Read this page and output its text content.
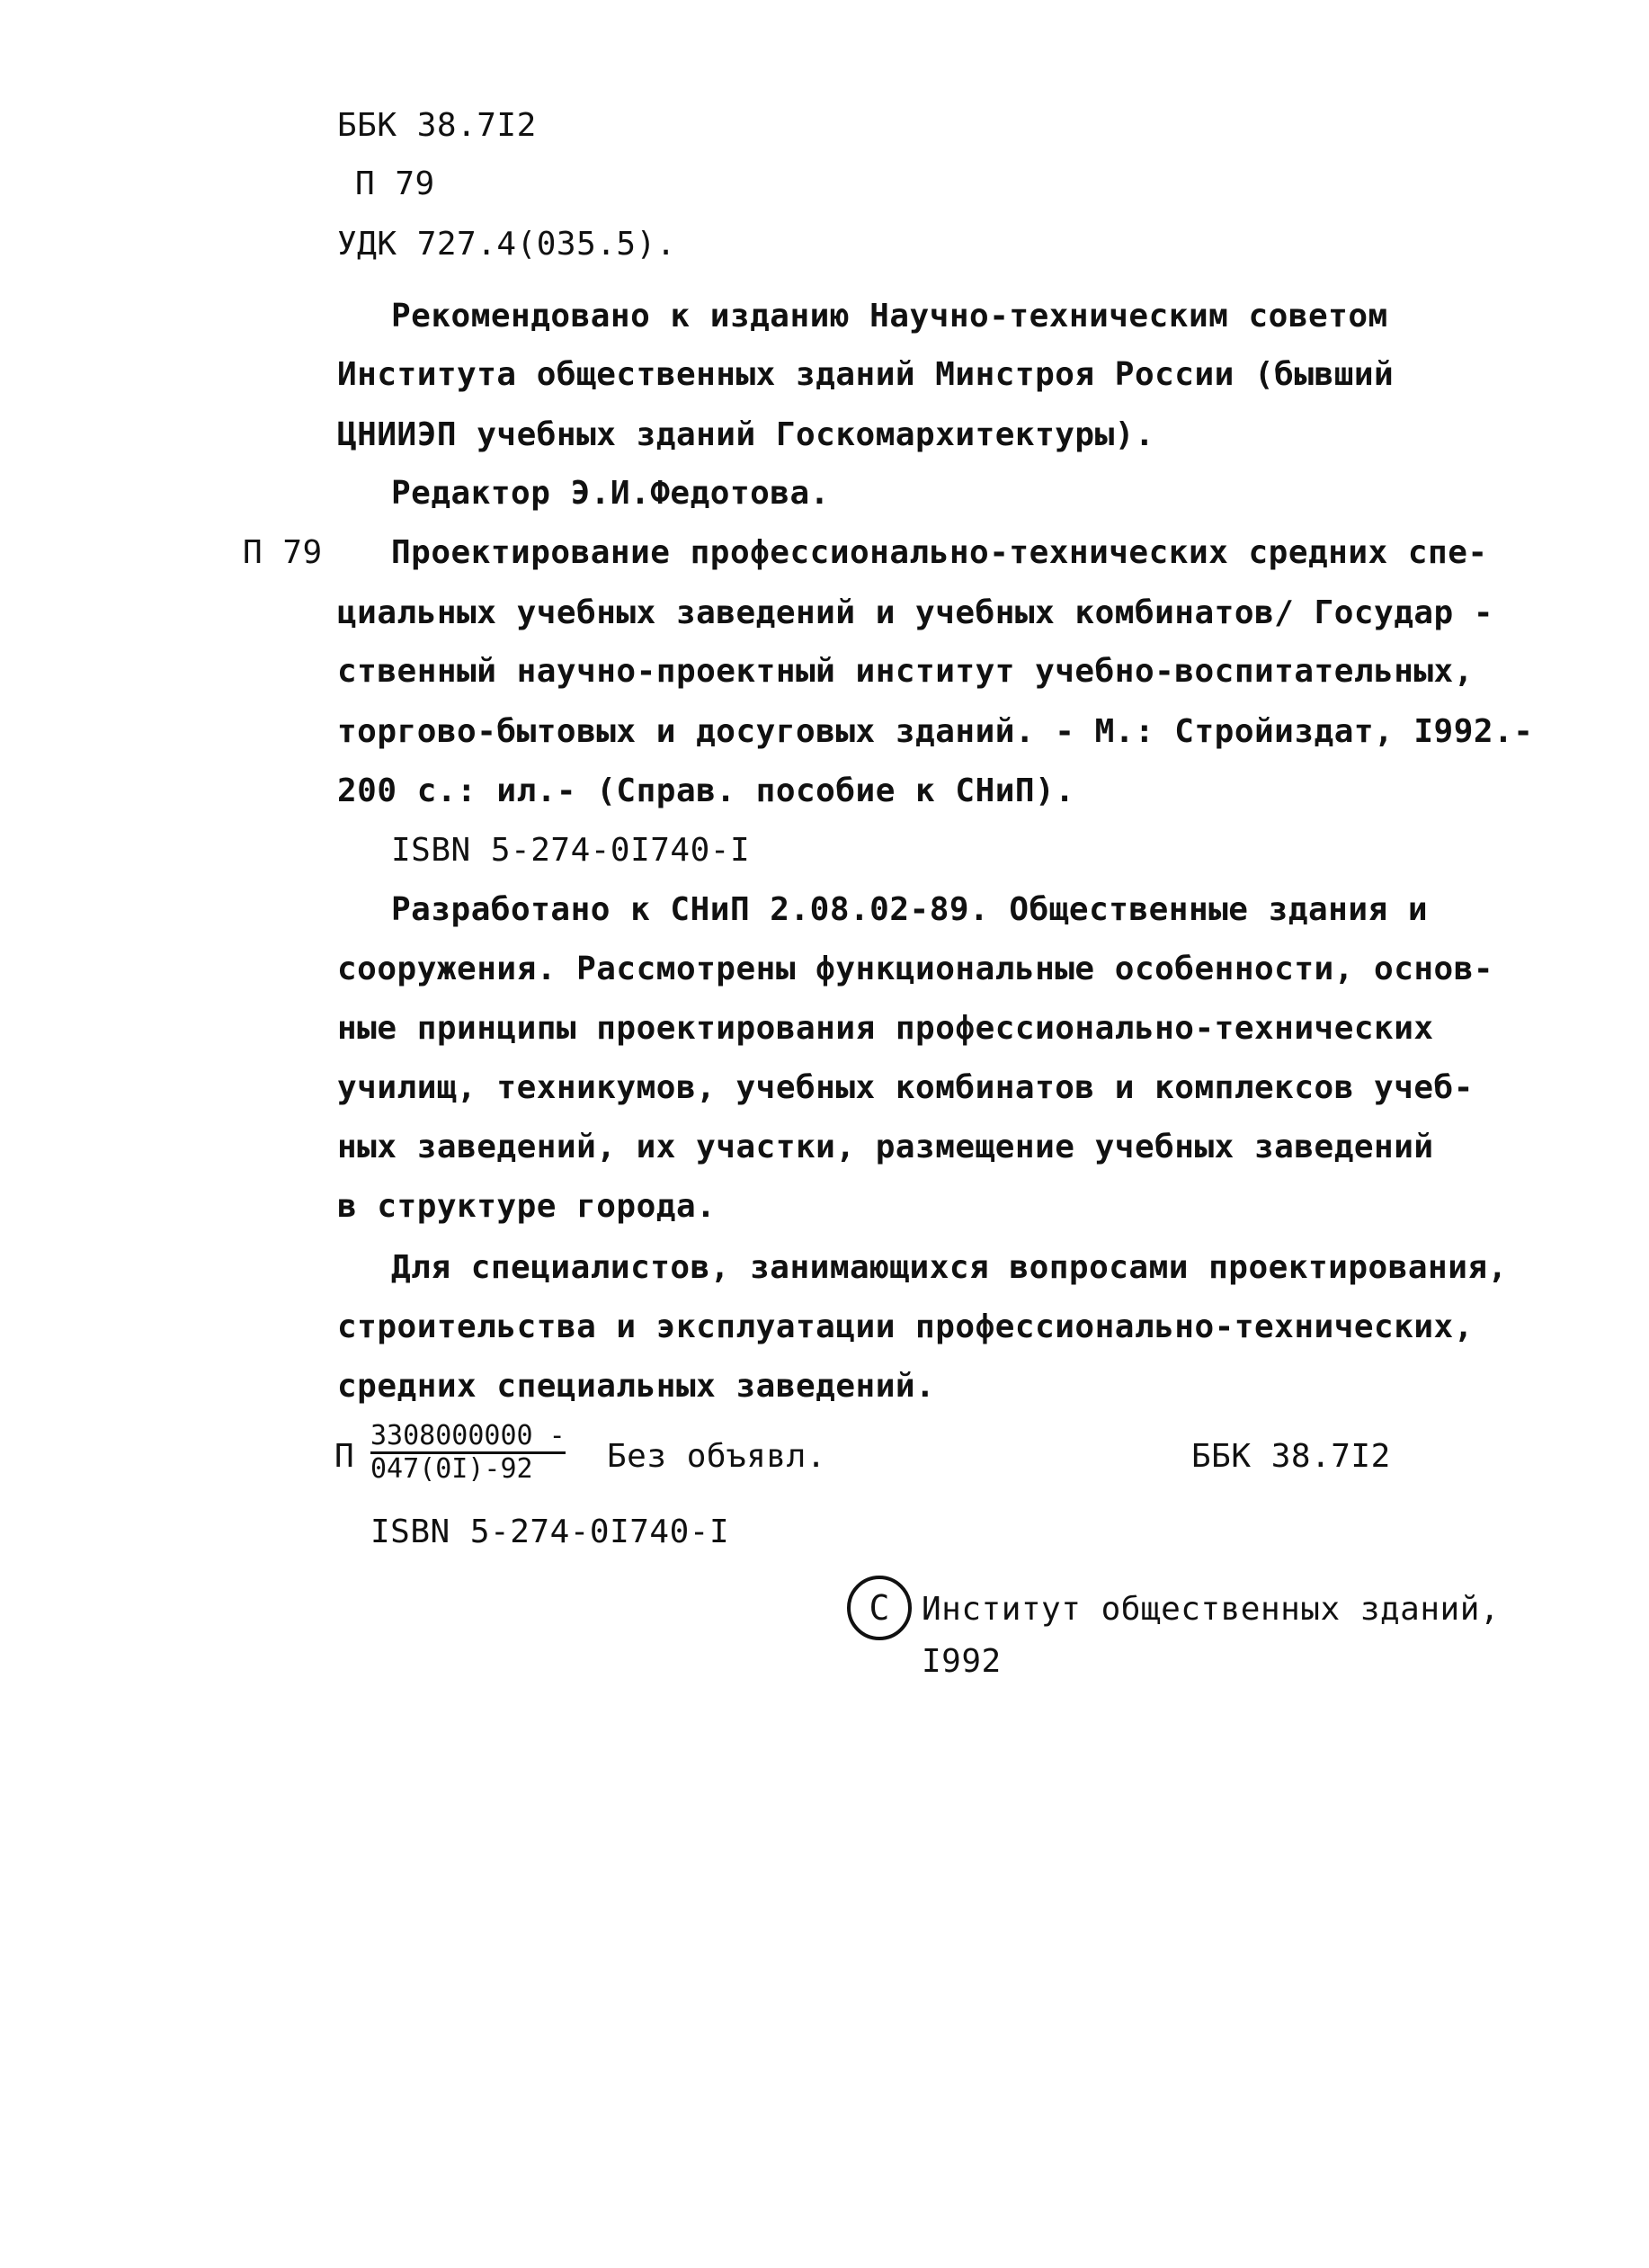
ББК 38.7I2
П 79
УДК 727.4(035.5).
Рекомендовано к изданию Научно-техническим советом
Института общественных зданий Минстроя России (бывший
ЦНИИЭП учебных зданий Госкомархитектуры).
Редактор Э.И.Федотова.
П 79 Проектирование профессионально-технических средних спе-
циальных учебных заведений и учебных комбинатов/ Государ -
ственный научно-проектный институт учебно-воспитательных,
торгово-бытовых и досуговых зданий. - М.: Стройиздат, I992.-
200 с.: ил.- (Справ. пособие к СНиП).
ISBN 5-274-0I740-I
Разработано к СНиП 2.08.02-89. Общественные здания и
сооружения. Рассмотрены функциональные особенности, основ-
ные принципы проектирования профессионально-технических
училищ, техникумов, учебных комбинатов и комплексов учеб-
ных заведений, их участки, размещение учебных заведений
в структуре города.
Для специалистов, занимающихся вопросами проектирования,
строительства и эксплуатации профессионально-технических,
средних специальных заведений.
П $\frac{3308000000 -}{047(0I)-92}$ Без объявл.	ББК 38.7I2
ISBN 5-274-0I740-I
С Институт общественных зданий,
I992
